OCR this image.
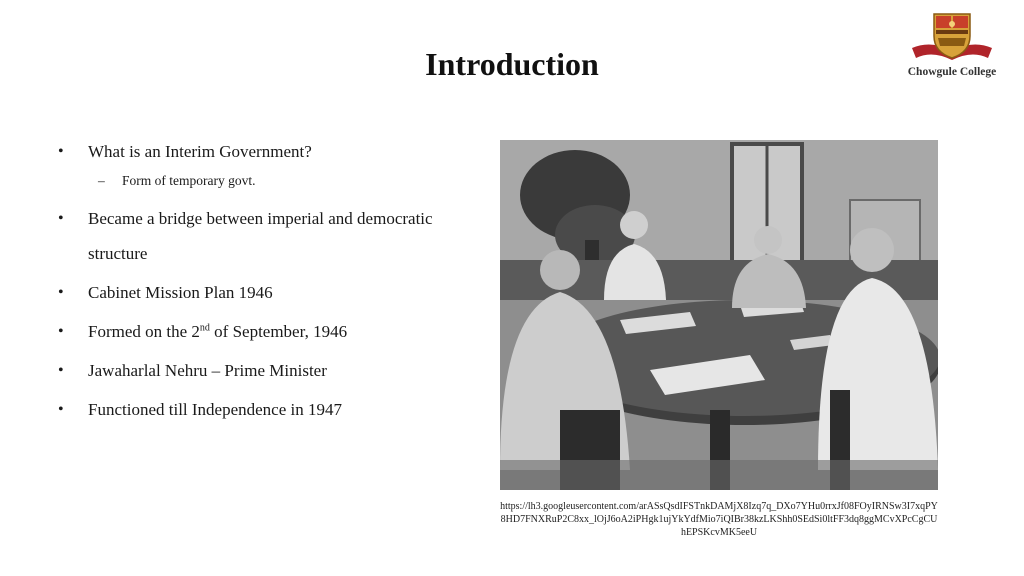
Introduction	Chowgule College
• What is an Interim Government?
– Form of temporary govt.
• Became a bridge between imperial and democratic structure
• Cabinet Mission Plan 1946
• Formed on the 2nd of September, 1946
• Jawaharlal Nehru – Prime Minister
• Functioned till Independence in 1947
https://lh3.googleusercontent.com/arASsQsdIFSTnkDAMjX8Izq7q_DXo7YHu0rrxJf08FOyIRNSw3I7xqPY8HD7FNXRuP2C8xx_lOjJ6oA2iPHgk1ujYkYdfMio7iQIBr38kzLKShh0SEdSi0ltFF3dq8ggMCvXPcCgCUhEPSKcvMK5eeU
